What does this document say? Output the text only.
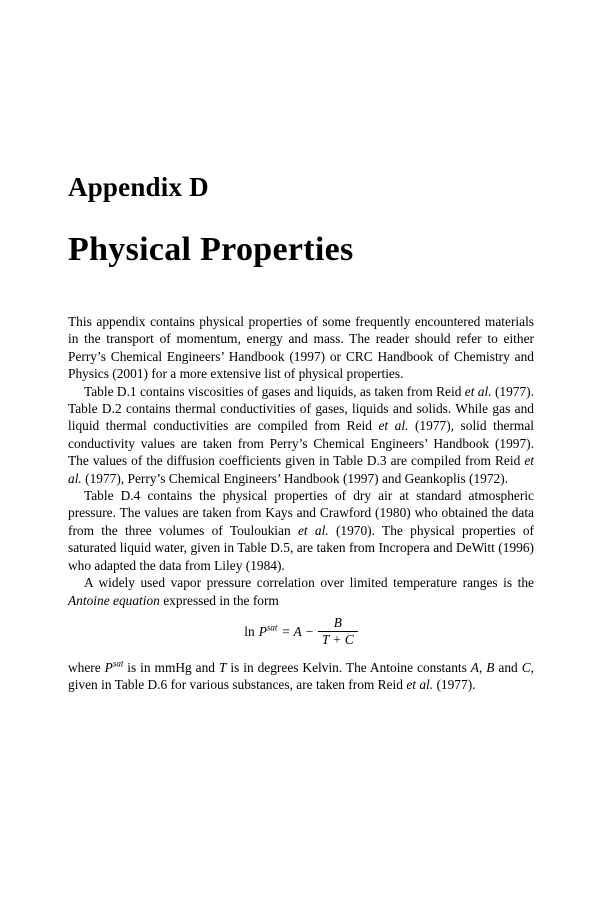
Appendix D
Physical Properties

This appendix contains physical properties of some frequently encountered materials in the transport of momentum, energy and mass. The reader should refer to either Perry’s Chemical Engineers’ Handbook (1997) or CRC Handbook of Chemistry and Physics (2001) for a more extensive list of physical properties.

Table D.1 contains viscosities of gases and liquids, as taken from Reid et al. (1977). Table D.2 contains thermal conductivities of gases, liquids and solids. While gas and liquid thermal conductivities are compiled from Reid et al. (1977), solid thermal conductivity values are taken from Perry’s Chemical Engineers’ Handbook (1997). The values of the diffusion coefficients given in Table D.3 are compiled from Reid et al. (1977), Perry’s Chemical Engineers’ Handbook (1997) and Geankoplis (1972).

Table D.4 contains the physical properties of dry air at standard atmospheric pressure. The values are taken from Kays and Crawford (1980) who obtained the data from the three volumes of Touloukian et al. (1970). The physical properties of saturated liquid water, given in Table D.5, are taken from Incropera and DeWitt (1996) who adapted the data from Liley (1984).

A widely used vapor pressure correlation over limited temperature ranges is the Antoine equation expressed in the form

$\ln P^{sat} = A - \frac{B}{T + C}$

where $P^{sat}$ is in mmHg and T is in degrees Kelvin. The Antoine constants A, B and C, given in Table D.6 for various substances, are taken from Reid et al. (1977).
